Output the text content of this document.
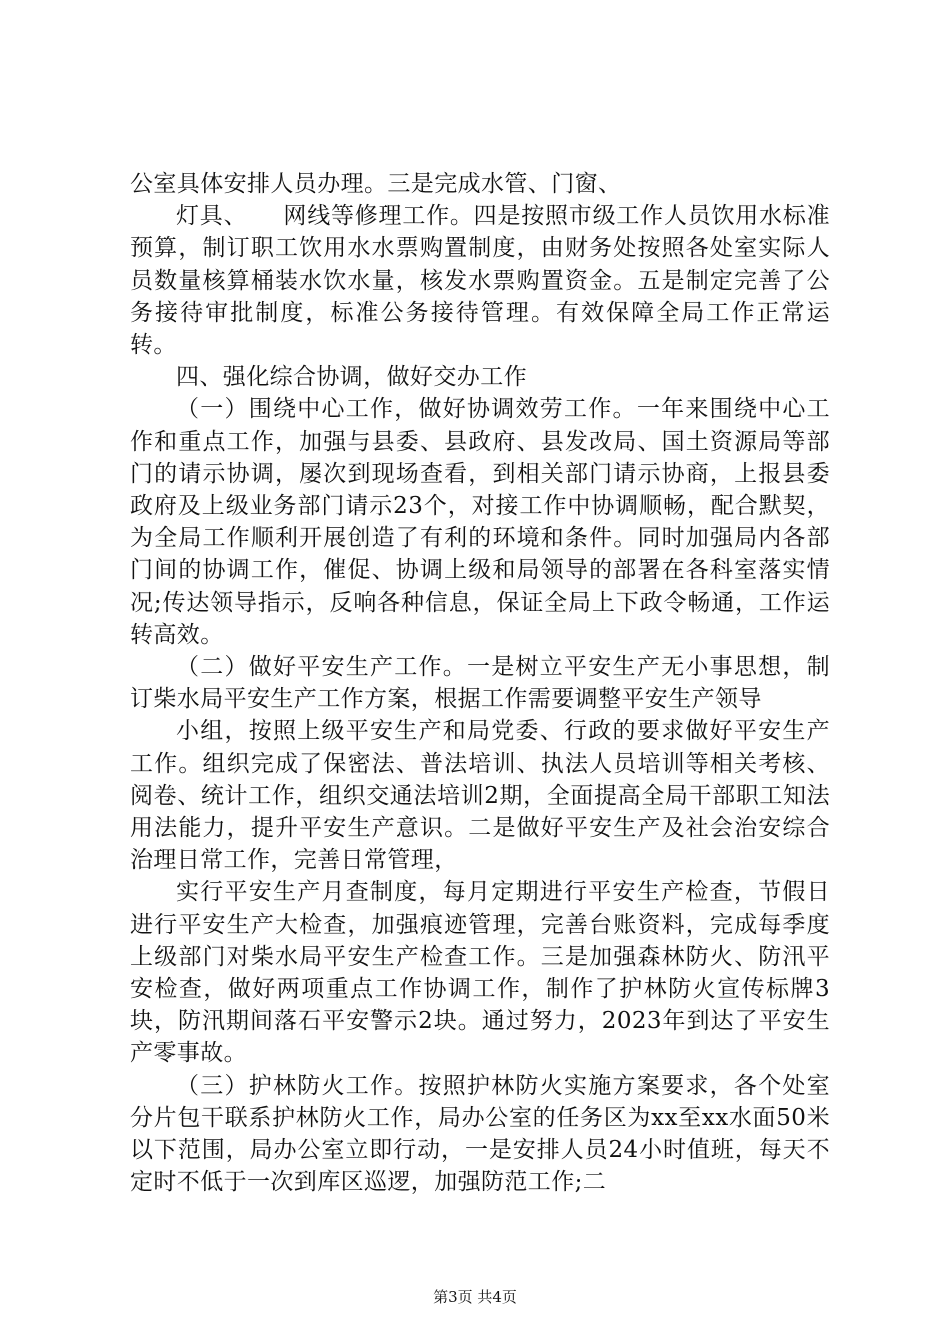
公室具体安排人员办理。三是完成水管、门窗、

灯具、　　网线等修理工作。四是按照市级工作人员饮用水标准预算，制订职工饮用水水票购置制度，由财务处按照各处室实际人员数量核算桶装水饮水量，核发水票购置资金。五是制定完善了公务接待审批制度，标准公务接待管理。有效保障全局工作正常运转。

四、强化综合协调，做好交办工作

（一）围绕中心工作，做好协调效劳工作。一年来围绕中心工作和重点工作，加强与县委、县政府、县发改局、国土资源局等部门的请示协调，屡次到现场查看，到相关部门请示协商，上报县委政府及上级业务部门请示23个，对接工作中协调顺畅，配合默契，为全局工作顺利开展创造了有利的环境和条件。同时加强局内各部门间的协调工作，催促、协调上级和局领导的部署在各科室落实情况;传达领导指示，反响各种信息，保证全局上下政令畅通，工作运转高效。

（二）做好平安生产工作。一是树立平安生产无小事思想，制订柴水局平安生产工作方案，根据工作需要调整平安生产领导

小组，按照上级平安生产和局党委、行政的要求做好平安生产工作。组织完成了保密法、普法培训、执法人员培训等相关考核、阅卷、统计工作，组织交通法培训2期，全面提高全局干部职工知法用法能力，提升平安生产意识。二是做好平安生产及社会治安综合治理日常工作，完善日常管理，

实行平安生产月查制度，每月定期进行平安生产检查，节假日进行平安生产大检查，加强痕迹管理，完善台账资料，完成每季度上级部门对柴水局平安生产检查工作。三是加强森林防火、防汛平安检查，做好两项重点工作协调工作，制作了护林防火宣传标牌3块，防汛期间落石平安警示2块。通过努力，2023年到达了平安生产零事故。

（三）护林防火工作。按照护林防火实施方案要求，各个处室分片包干联系护林防火工作，局办公室的任务区为xx至xx水面50米以下范围，局办公室立即行动，一是安排人员24小时值班，每天不定时不低于一次到库区巡逻，加强防范工作;二

第3页 共4页
